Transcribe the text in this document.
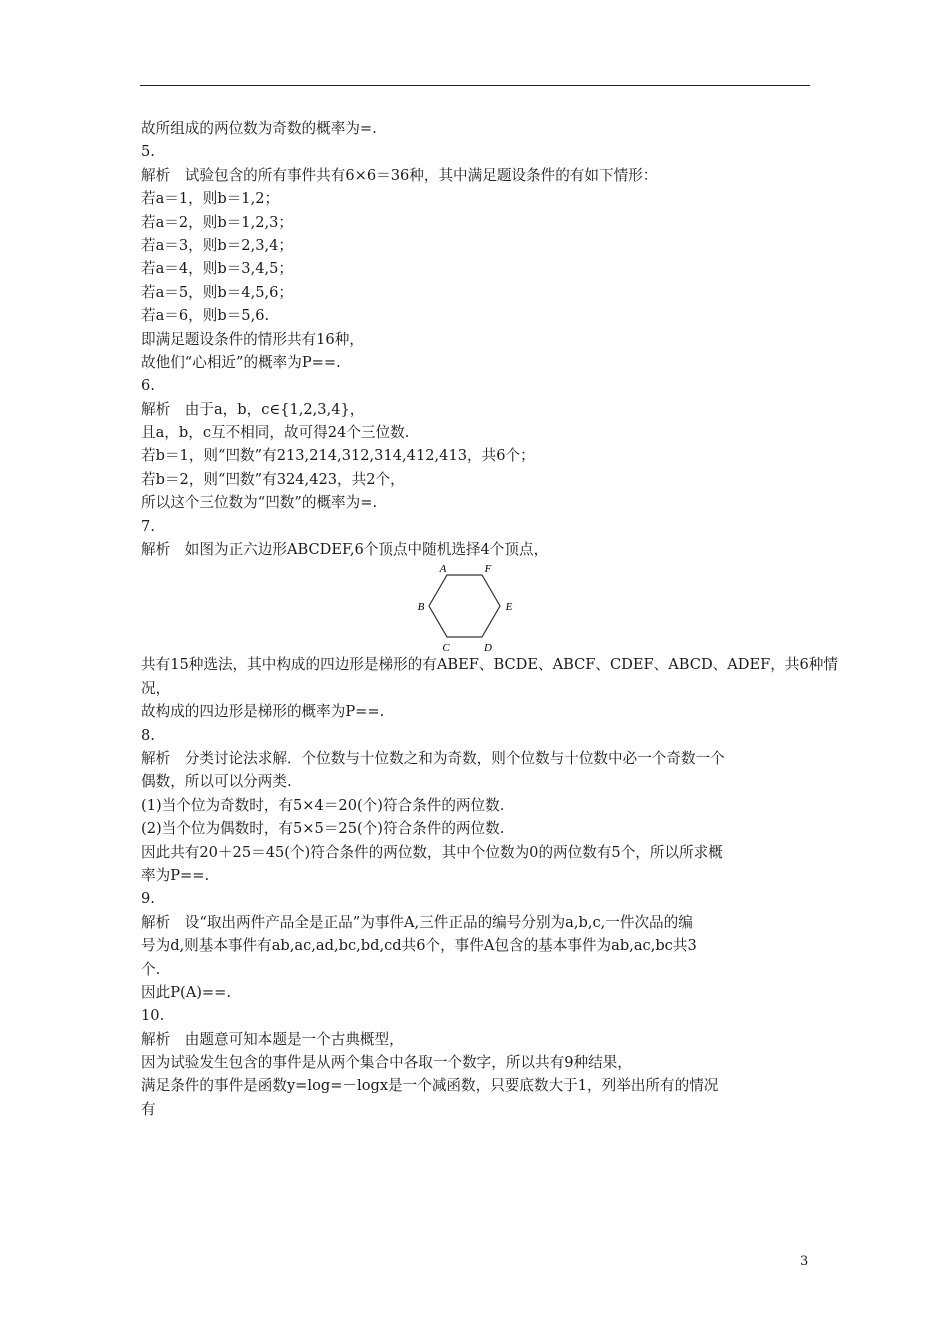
故所组成的两位数为奇数的概率为=.
5.
解析　试验包含的所有事件共有6×6＝36种，其中满足题设条件的有如下情形：
若a＝1，则b＝1,2；
若a＝2，则b＝1,2,3；
若a＝3，则b＝2,3,4；
若a＝4，则b＝3,4,5；
若a＝5，则b＝4,5,6；
若a＝6，则b＝5,6.
即满足题设条件的情形共有16种，
故他们“心相近”的概率为P==.
6.
解析　由于a，b，c∈{1,2,3,4}，
且a，b，c互不相同，故可得24个三位数.
若b＝1，则“凹数”有213,214,312,314,412,413，共6个；
若b＝2，则“凹数”有324,423，共2个，
所以这个三位数为“凹数”的概率为=.
7.
解析　如图为正六边形ABCDEF,6个顶点中随机选择4个顶点，
A	F
B	E
C	D
共有15种选法，其中构成的四边形是梯形的有ABEF、BCDE、ABCF、CDEF、ABCD、ADEF，共6种情
况，
故构成的四边形是梯形的概率为P==.
8.
解析　分类讨论法求解．个位数与十位数之和为奇数，则个位数与十位数中必一个奇数一个
偶数，所以可以分两类.
(1)当个位为奇数时，有5×4＝20(个)符合条件的两位数.
(2)当个位为偶数时，有5×5＝25(个)符合条件的两位数.
因此共有20＋25＝45(个)符合条件的两位数，其中个位数为0的两位数有5个，所以所求概
率为P==.
9.
解析　设“取出两件产品全是正品”为事件A,三件正品的编号分别为a,b,c,一件次品的编
号为d,则基本事件有ab,ac,ad,bc,bd,cd共6个，事件A包含的基本事件为ab,ac,bc共3
个.
因此P(A)==.
10.
解析　由题意可知本题是一个古典概型，
因为试验发生包含的事件是从两个集合中各取一个数字，所以共有9种结果，
满足条件的事件是函数y=log=－logx是一个减函数，只要底数大于1，列举出所有的情况
有
3
